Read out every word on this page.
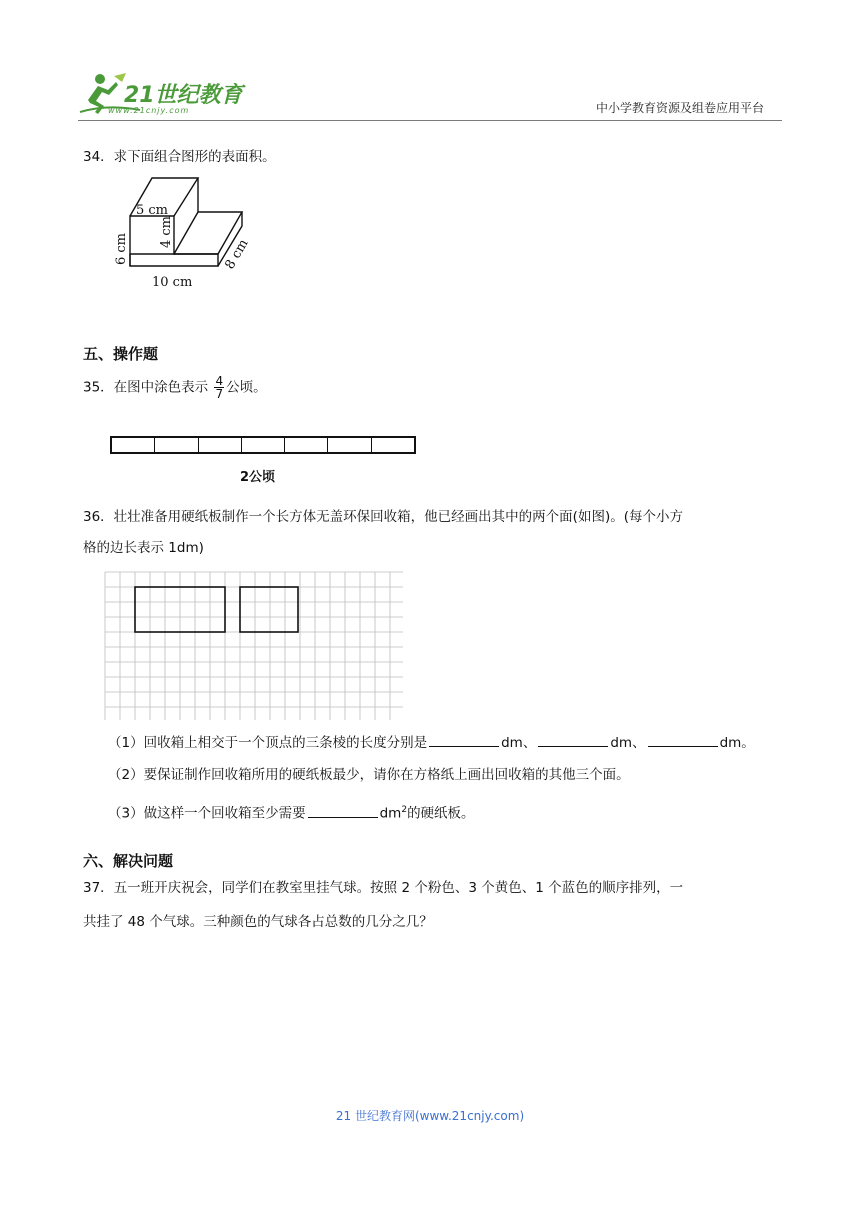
21世纪教育
www.21cnjy.com	中小学教育资源及组卷应用平台
34．求下面组合图形的表面积。
5 cm
4 cm
6 cm	8 cm
10 cm
五、操作题
35．在图中涂色表示 $\frac{4}{7}$ 公顷。
2公顷
36．壮壮准备用硬纸板制作一个长方体无盖环保回收箱，他已经画出其中的两个面(如图)。(每个小方
格的边长表示 1dm)
（1）回收箱上相交于一个顶点的三条棱的长度分别是	dm、	dm、	dm。
（2）要保证制作回收箱所用的硬纸板最少，请你在方格纸上画出回收箱的其他三个面。
（3）做这样一个回收箱至少需要	$dm^2$的硬纸板。
六、解决问题
37．五一班开庆祝会，同学们在教室里挂气球。按照 2 个粉色、3 个黄色、1 个蓝色的顺序排列，一
共挂了 48 个气球。三种颜色的气球各占总数的几分之几？
21 世纪教育网(www.21cnjy.com)
